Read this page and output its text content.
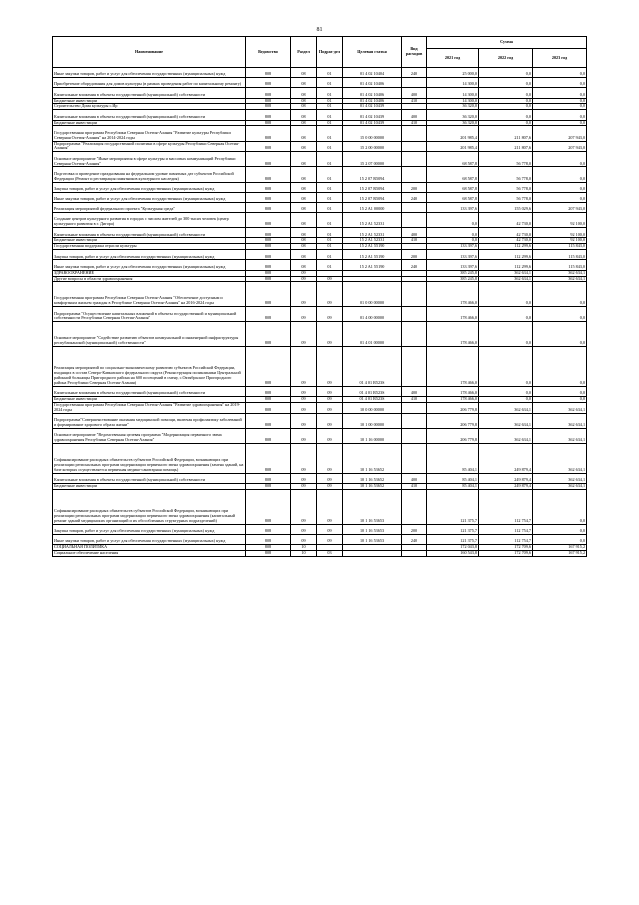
81
Наименование	Ведомство	Раздел	Подраз-дел	Целевая статья	Вид расходов	Сумма		
						2021 год	2022 год	2023 год
Иные закупки товаров, работ и услуг для обеспечения государственных (муниципальных) нужд	808	08	01	01 4 02 10404	240	25 000,0	0,0	0,0
Приобретение оборудования для домов культуры (в рамках проведения работ по капитальному ремонту)	808	08	01	01 4 02 10406		14 300,0	0,0	0,0
Капитальные вложения в объекты государственной (муниципальной) собственности	808	08	01	01 4 02 10406	400	14 300,0	0,0	0,0
Бюджетные инвестиции	808	08	01	01 4 02 10406	410	14 300,0	0,0	0,0
Строительство Дома культуры с.Ир	808	08	01	01 4 02 10439		36 320,0	0,0	0,0
Капитальные вложения в объекты государственной (муниципальной) собственности	808	08	01	01 4 02 10439	400	36 320,0	0,0	0,0
Бюджетные инвестиции	808	08	01	01 4 02 10439	410	36 320,0	0,0	0,0
Государственная программа Республики Северная Осетия-Алания "Развитие культуры Республики Северная Осетия-Алания" на 2014-2024 годы	808	08	01	15 0 00 00000		201 985,4	211 807,6	207 943,0
Подпрограмма "Реализация государственной политики в сфере культуры Республики Северная Осетия-Алания"	808	08	01	15 2 00 00000		201 985,4	211 807,6	207 943,0
Основное мероприятие "Иные мероприятия в сфере культуры и массовых коммуникаций Республики Северная Осетия-Алания"	808	08	01	15 2 07 00000		68 587,8	56 778,0	0,0
Подготовка и проведение празднования на федеральном уровне памятных дат субъектов Российской Федерации (Ремонт и реставрация памятников культурного наследия)	808	08	01	15 2 07 R5094		68 587,8	56 778,0	0,0
Закупка товаров, работ и услуг для обеспечения государственных (муниципальных) нужд	808	08	01	15 2 07 R5094	200	68 587,8	56 778,0	0,0
Иные закупки товаров, работ и услуг для обеспечения государственных (муниципальных) нужд	808	08	01	15 2 07 R5094	240	68 587,8	56 778,0	0,0
Реализация мероприятий федерального проекта "Культурная среда"	808	08	01	15 2 A1 00000		133 397,6	155 029,6	207 943,0
Создание центров культурного развития в городах с числом жителей до 300 тысяч человек (центр культурного развития в г. Дигора)	808	08	01	15 2 A1 52331		0,0	42 730,0	92 100,0
Капитальные вложения в объекты государственной (муниципальной) собственности	808	08	01	15 2 A1 52331	400	0,0	42 730,0	92 100,0
Бюджетные инвестиции	808	08	01	15 2 A1 52331	410	0,0	42 730,0	92 100,0
Государственная поддержка отрасли культуры	808	08	01	15 2 A1 55190		133 397,6	112 299,6	115 843,0
Закупка товаров, работ и услуг для обеспечения государственных (муниципальных) нужд	808	08	01	15 2 A1 55190	200	133 397,6	112 299,6	115 843,0
Иные закупки товаров, работ и услуг для обеспечения государственных (муниципальных) нужд	808	08	01	15 2 A1 55190	240	133 397,6	112 299,6	115 843,0
ЗДРАВООХРАНЕНИЕ	808	09				385 245,8	362 634,1	362 634,1
Другие вопросы в области здравоохранения	808	09	09			385 245,8	362 634,1	362 634,1
Государственная программа Республики Северная Осетия-Алания "Обеспечение доступным и комфортным жильем граждан в Республике Северная Осетия-Алания" на 2016-2024 годы	808	09	09	01 0 00 00000		178 466,0	0,0	0,0
Подпрограмма "Осуществление капитальных вложений в объекты государственной и муниципальной собственности Республики Северная Осетия-Алания"	808	09	09	01 4 00 00000		178 466,0	0,0	0,0
Основное мероприятие "Содействие развитию объектов коммунальной и инженерной инфраструктуры республиканской (муниципальной) собственности"	808	09	09	01 4 01 00000		178 466,0	0,0	0,0
Реализация мероприятий по социально-экономическому развитию субъектов Российской Федерации, входящих в состав Северо-Кавказского федерального округа (Реконструкция поликлиники Центральной районной больницы Пригородного района на 600 посещений в смену, с.Октябрьское Пригородного района Республики Северная Осетия-Алания)	808	09	09	01 4 01 R523S		178 466,0	0,0	0,0
Капитальные вложения в объекты государственной (муниципальной) собственности	808	09	09	01 4 01 R523S	400	178 466,0	0,0	0,0
Бюджетные инвестиции	808	09	09	01 4 01 R523S	410	178 466,0	0,0	0,0
Государственная программа Республики Северная Осетия-Алания "Развитие здравоохранения" на 2019-2024 годы	808	09	09	10 0 00 00000		206 779,8	362 634,1	362 634,1
Подпрограмма"Совершенствование оказания медицинской помощи, включая профилактику заболеваний и формирование здорового образа жизни"	808	09	09	10 1 00 00000		206 779,8	362 634,1	362 634,1
Основное мероприятие "Ведомственная целевая программа "Модернизация первичного звена здравоохранения Республики Северная Осетия-Алания"	808	09	09	10 1 16 00000		206 779,8	362 634,1	362 634,1
Софинансирование расходных обязательств субъектов Российской Федерации, возникающих при реализации региональных программ модернизации первичного звена здравоохранения (замена зданий, на базе которых осуществляется первичная медико-санитарная помощь)	808	09	09	10 1 16 53652		85 404,1	249 879,4	362 634,1
Капитальные вложения в объекты государственной (муниципальной) собственности	808	09	09	10 1 16 53652	400	85 404,1	249 879,4	362 634,1
Бюджетные инвестиции	808	09	09	10 1 16 53652	410	85 404,1	249 879,4	362 634,1
Софинансирование расходных обязательств субъектов Российской Федерации, возникающих при реализации региональных программ модернизации первичного звена здравоохранения (капитальный ремонт зданий медицинских организаций и их обособленных структурных подразделений)	808	09	09	10 1 16 53653		121 375,7	112 754,7	0,0
Закупка товаров, работ и услуг для обеспечения государственных (муниципальных) нужд	808	09	09	10 1 16 53653	200	121 375,7	112 754,7	0,0
Иные закупки товаров, работ и услуг для обеспечения государственных (муниципальных) нужд	808	09	09	10 1 16 53653	240	121 375,7	112 754,7	0,0
СОЦИАЛЬНАЯ ПОЛИТИКА	808	10				172 043,8	172 709,6	167 915,2
Социальное обеспечение населения	808	10	03			160 543,8	172 709,6	167 915,2
